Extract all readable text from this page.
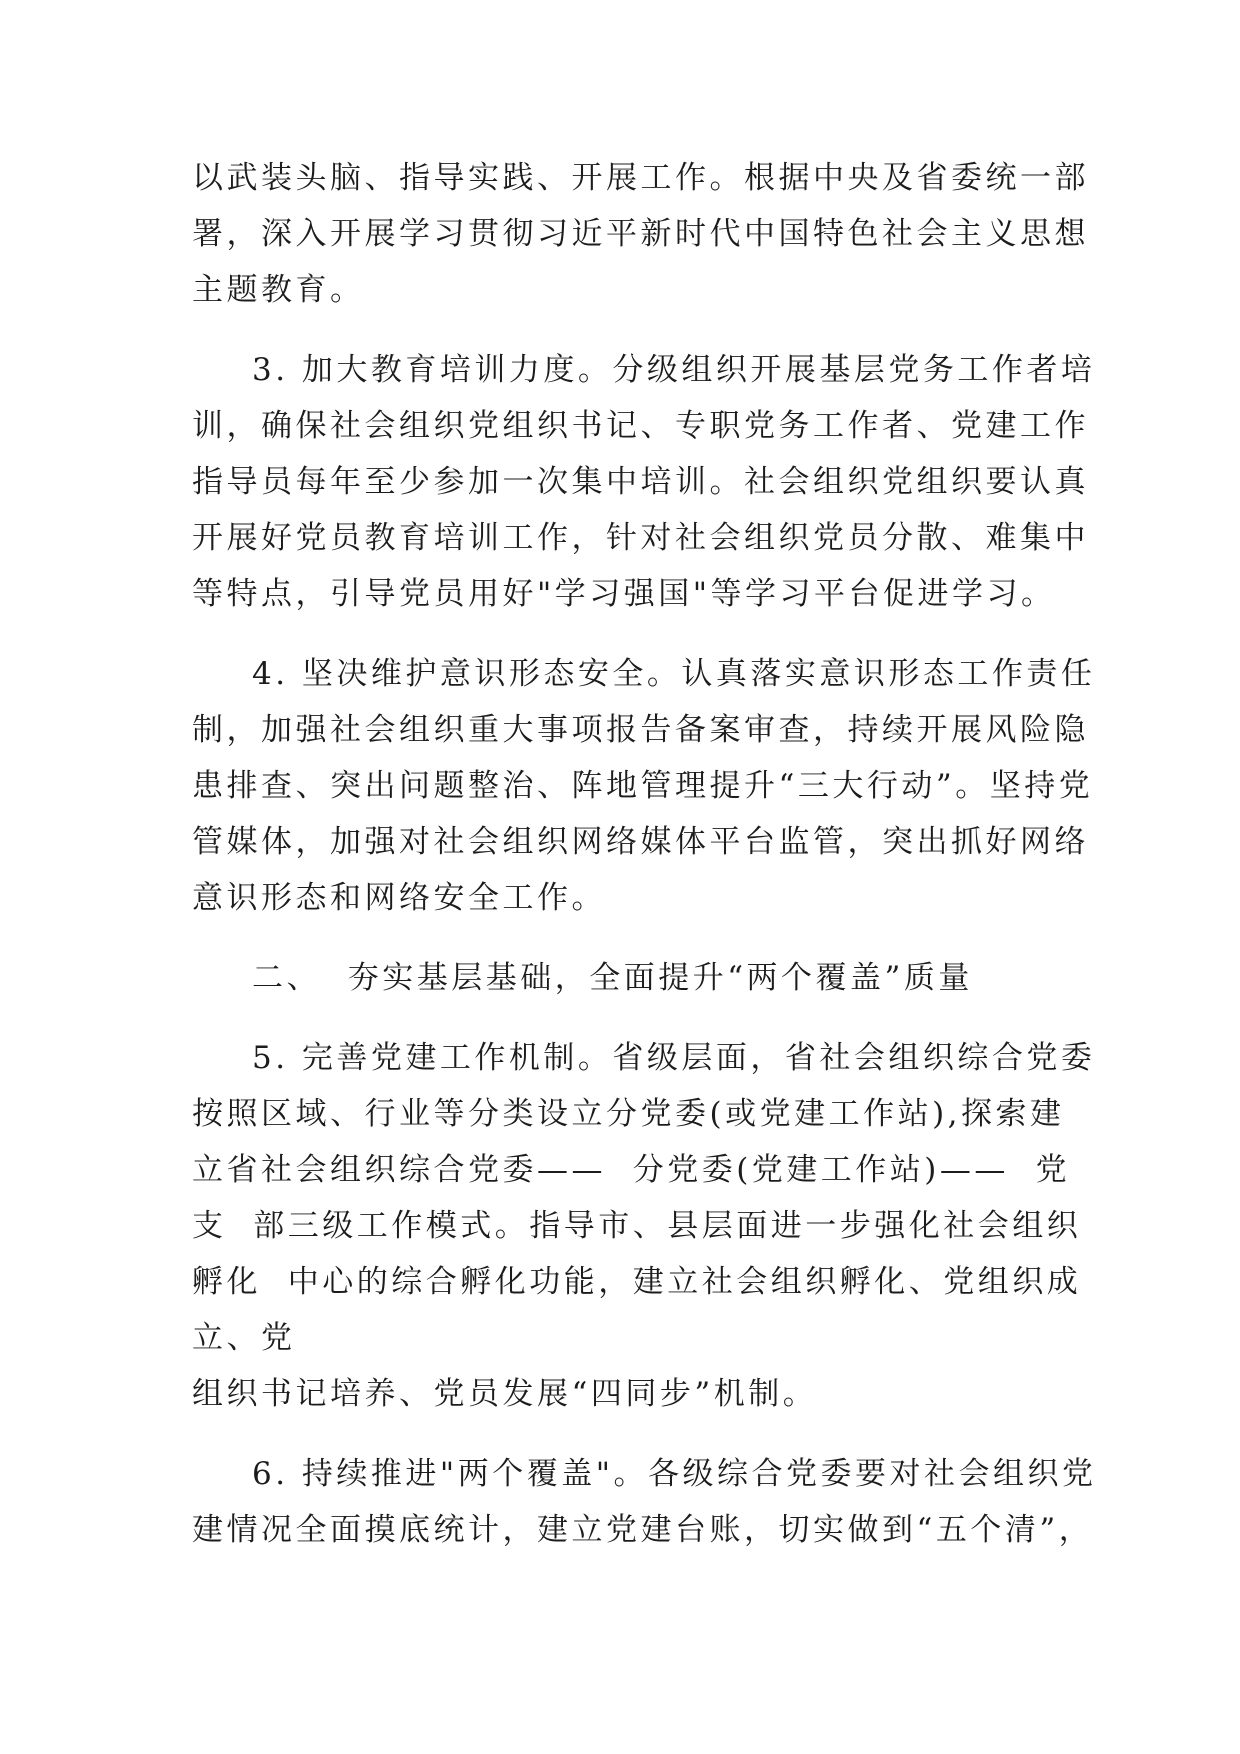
以武装头脑、指导实践、开展工作。根据中央及省委统一部
署，深入开展学习贯彻习近平新时代中国特色社会主义思想
主题教育。
3. 加大教育培训力度。分级组织开展基层党务工作者培
训，确保社会组织党组织书记、专职党务工作者、党建工作
指导员每年至少参加一次集中培训。社会组织党组织要认真
开展好党员教育培训工作，针对社会组织党员分散、难集中
等特点，引导党员用好"学习强国"等学习平台促进学习。
4. 坚决维护意识形态安全。认真落实意识形态工作责任
制，加强社会组织重大事项报告备案审查，持续开展风险隐
患排查、突出问题整治、阵地管理提升“三大行动”。坚持党
管媒体，加强对社会组织网络媒体平台监管，突出抓好网络
意识形态和网络安全工作。
二、  夯实基层基础，全面提升“两个覆盖”质量
5. 完善党建工作机制。省级层面，省社会组织综合党委
按照区域、行业等分类设立分党委(或党建工作站),探索建
立省社会组织综合党委——  分党委(党建工作站)——  党
支  部三级工作模式。指导市、县层面进一步强化社会组织
孵化  中心的综合孵化功能，建立社会组织孵化、党组织成
立、党
组织书记培养、党员发展“四同步”机制。
6. 持续推进"两个覆盖"。各级综合党委要对社会组织党
建情况全面摸底统计，建立党建台账，切实做到“五个清”，
